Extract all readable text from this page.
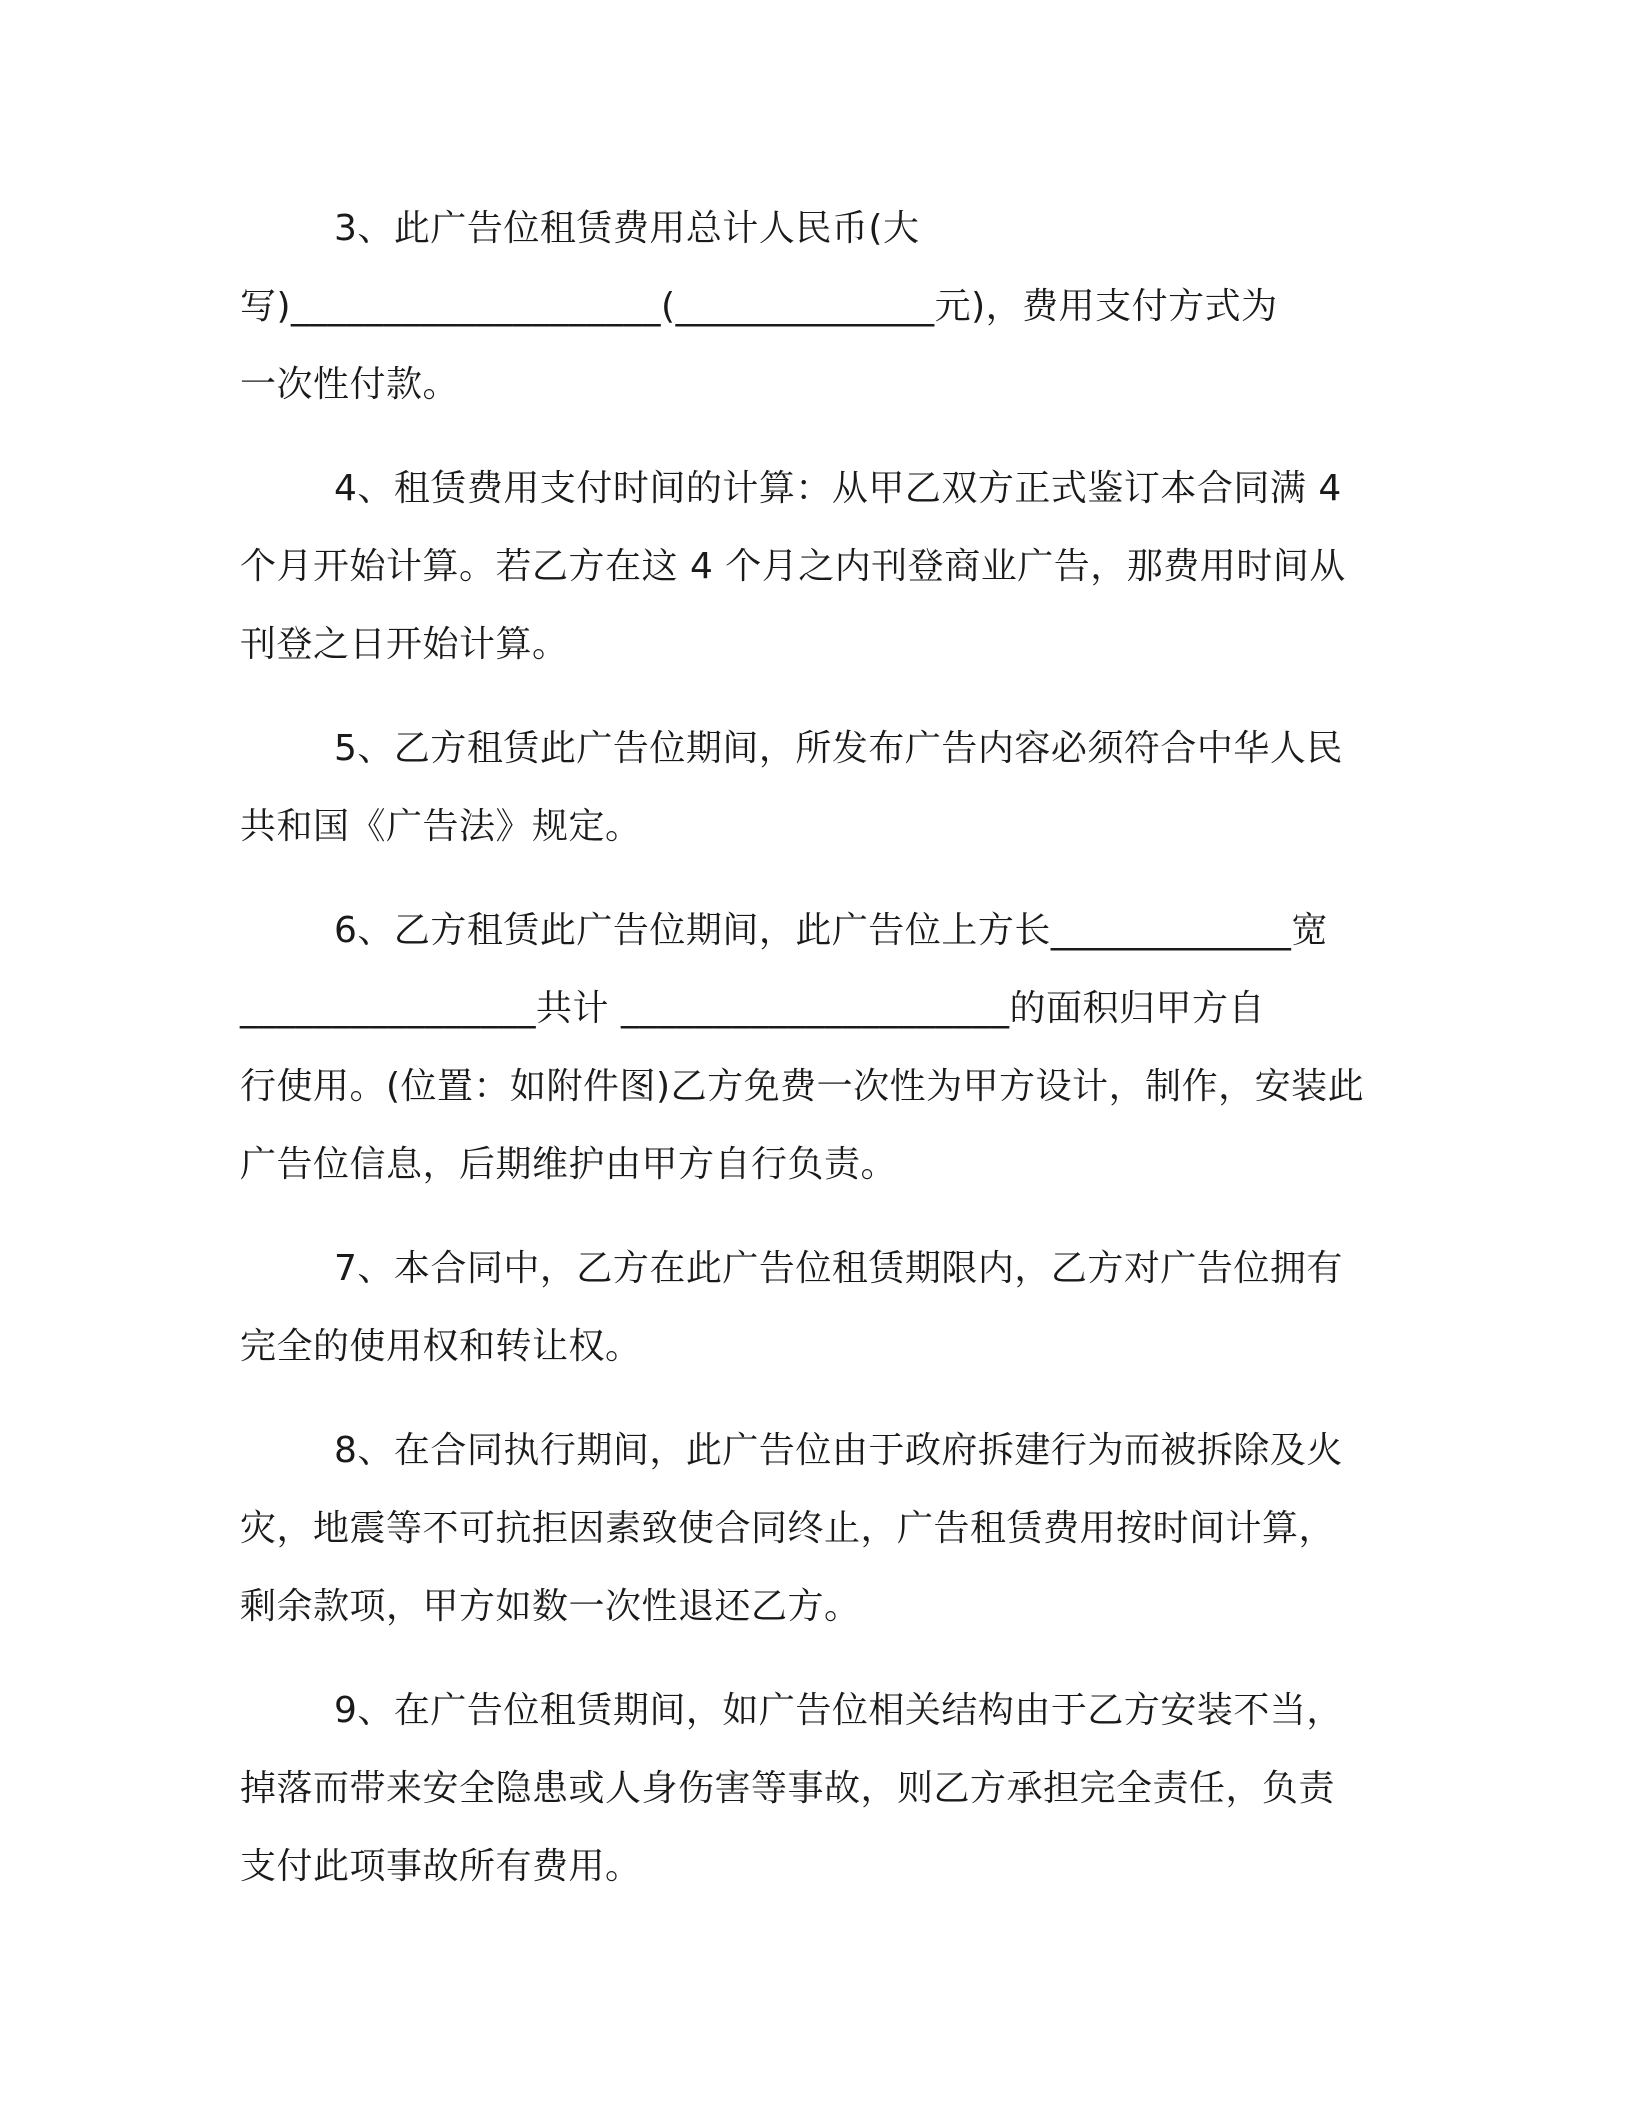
3、此广告位租赁费用总计人民币(大
写)____________________(______________元)，费用支付方式为
一次性付款。
4、租赁费用支付时间的计算：从甲乙双方正式鉴订本合同满 4
个月开始计算。若乙方在这 4 个月之内刊登商业广告，那费用时间从
刊登之日开始计算。
5、乙方租赁此广告位期间，所发布广告内容必须符合中华人民
共和国《广告法》规定。
6、乙方租赁此广告位期间，此广告位上方长_____________宽
________________共计 _____________________的面积归甲方自
行使用。(位置：如附件图)乙方免费一次性为甲方设计，制作，安装此
广告位信息，后期维护由甲方自行负责。
7、本合同中，乙方在此广告位租赁期限内，乙方对广告位拥有
完全的使用权和转让权。
8、在合同执行期间，此广告位由于政府拆建行为而被拆除及火
灾，地震等不可抗拒因素致使合同终止，广告租赁费用按时间计算，
剩余款项，甲方如数一次性退还乙方。
9、在广告位租赁期间，如广告位相关结构由于乙方安装不当，
掉落而带来安全隐患或人身伤害等事故，则乙方承担完全责任，负责
支付此项事故所有费用。
